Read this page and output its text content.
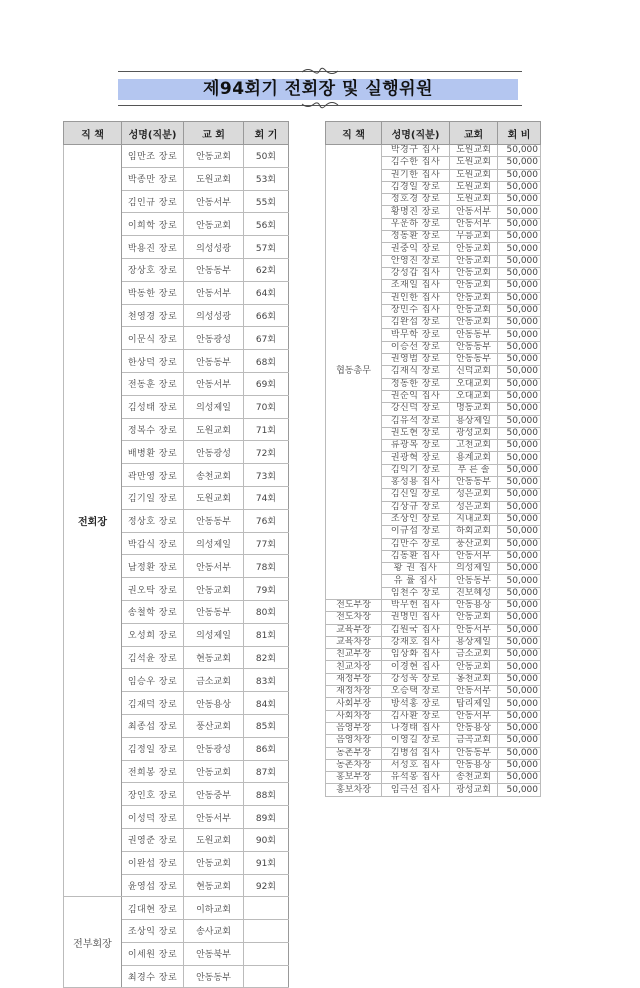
제94회기 전회장 및 실행위원
직 책	성명(직분)	교 회	회 기
전회장	임만조 장로	안동교회	50회
	박종만 장로	도원교회	53회
	김인규 장로	안동서부	55회
	이희학 장로	안동교회	56회
	박용진 장로	의성성광	57회
	장상호 장로	안동동부	62회
	박동한 장로	안동서부	64회
	천영경 장로	의성성광	66회
	이문식 장로	안동광성	67회
	한상덕 장로	안동동부	68회
	전동훈 장로	안동서부	69회
	김성태 장로	의성제일	70회
	정복수 장로	도원교회	71회
	배병환 장로	안동광성	72회
	곽만영 장로	송천교회	73회
	김기일 장로	도원교회	74회
	정상호 장로	안동동부	76회
	박갑식 장로	의성제일	77회
	남정환 장로	안동서부	78회
	권오탁 장로	안동교회	79회
	송철학 장로	안동동부	80회
	오성희 장로	의성제일	81회
	김석윤 장로	현동교회	82회
	임승우 장로	금소교회	83회
	김재덕 장로	안동용상	84회
	최종섭 장로	풍산교회	85회
	김정일 장로	안동광성	86회
	전희봉 장로	안동교회	87회
	장인호 장로	안동중부	88회
	이성덕 장로	안동서부	89회
	권영준 장로	도원교회	90회
	이완섭 장로	안동교회	91회
	윤영섭 장로	현동교회	92회
전부회장	김대현 장로	이하교회	
	조상익 장로	송사교회	
	이세원 장로	안동북부	
	최경수 장로	안동동부	
직 책	성명(직분)	교회	회 비
협동총무	박경구 집사	도원교회	50,000
	김수한 집사	도원교회	50,000
	권기한 집사	도원교회	50,000
	김경일 장로	도원교회	50,000
	정호경 장로	도원교회	50,000
	황명진 장로	안동서부	50,000
	우운하 장로	안동서부	50,000
	정동환 장로	무릉교회	50,000
	권중익 장로	안동교회	50,000
	안영진 장로	안동교회	50,000
	강성갑 집사	안동교회	50,000
	조재일 집사	안동교회	50,000
	권인한 집사	안동교회	50,000
	장민수 집사	안동교회	50,000
	김완섭 장로	안동교회	50,000
	박무학 장로	안동동부	50,000
	이승선 장로	안동동부	50,000
	권영범 장로	안동동부	50,000
	김재식 장로	신덕교회	50,000
	정동한 장로	오대교회	50,000
	권순익 집사	오대교회	50,000
	강신덕 장로	명동교회	50,000
	김유석 장로	용상제일	50,000
	권도현 장로	광성교회	50,000
	류광복 장로	고천교회	50,000
	권광혁 장로	용계교회	50,000
	김익기 장로	푸 른 솔	50,000
	홍성용 집사	안동동부	50,000
	김신일 장로	성은교회	50,000
	김상규 장로	성은교회	50,000
	조상인 장로	지내교회	50,000
	이규섭 장로	하회교회	50,000
	김만수 장로	풍산교회	50,000
	김동환 집사	안동서부	50,000
	황 권 집사	의성제일	50,000
	유 률 집사	안동동부	50,000
	임천수 장로	진보혜성	50,000
전도부장	박무헌 집사	안동용상	50,000
전도차장	권명민 집사	안동교회	50,000
교육부장	김원국 집사	안동서부	50,000
교육차장	강재호 집사	용상제일	50,000
친교부장	임상화 집사	금소교회	50,000
친교차장	이경현 집사	안동교회	50,000
재정부장	강성욱 장로	옹천교회	50,000
재정차장	오승택 장로	안동서부	50,000
사회부장	방석홍 장로	탑리제일	50,000
사회차장	김사환 장로	안동서부	50,000
음영부장	나경태 집사	안동용상	50,000
음영차장	이영길 장로	금곡교회	50,000
농촌부장	김병섭 집사	안동동부	50,000
농촌차장	서성호 집사	안동용상	50,000
홍보부장	유석봉 집사	송천교회	50,000
홍보차장	임극선 집사	광성교회	50,000
